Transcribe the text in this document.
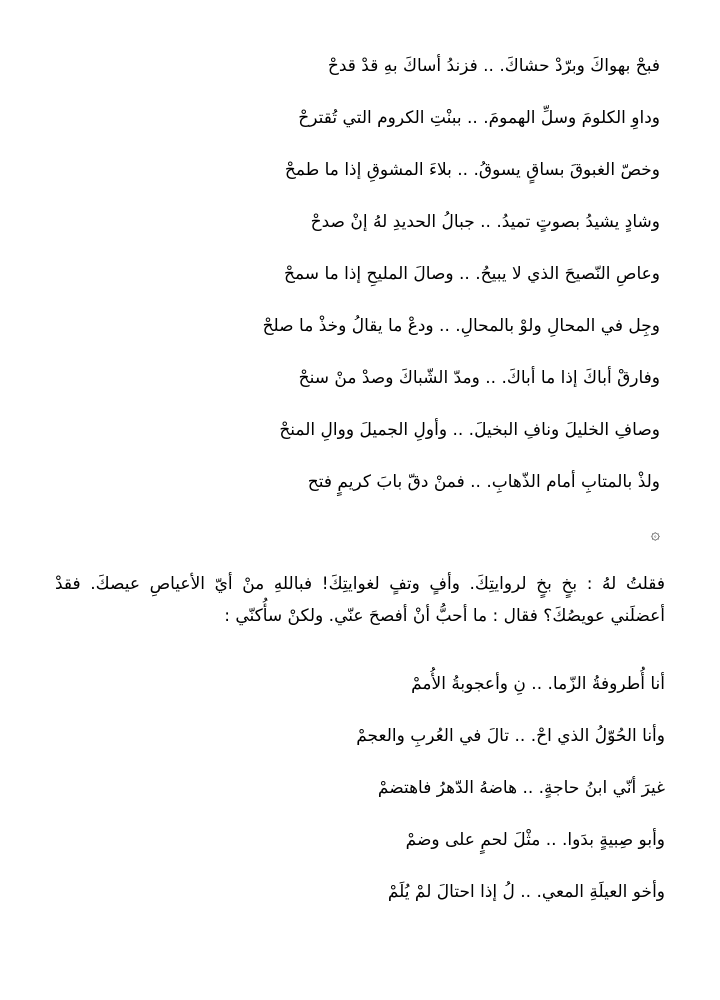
فبحْ بهواكَ وبرّدْ حشاكَ. .. فزندُ أساكَ بهِ قدْ قدحْ
وداوِ الكلومَ وسلِّ الهمومَ. .. ببنْتِ الكروم التي تُقترحْ
وخصّ الغبوقَ بساقٍ يسوقُ. .. بلاءَ المشوقِ إذا ما طمحْ
وشادٍ يشيدُ بصوتٍ تميدُ. .. جبالُ الحديدِ لهُ إنْ صدحْ
وعاصِ النّصيحَ الذي لا يبيحُ. .. وصالَ المليحِ إذا ما سمحْ
وجِل في المحالِ ولوْ بالمحالِ. .. ودعْ ما يقالُ وخذْ ما صلحْ
وفارقْ أباكَ إذا ما أباكَ. .. ومدّ الشّباكَ وصدْ منْ سنحْ
وصافِ الخليلَ ونافِ البخيلَ. .. وأولِ الجميلَ ووالِ المنحْ
ولذْ بالمتابِ أمام الذّهابِ. .. فمنْ دقّ بابَ كريمٍ فتح
۞
فقلتُ لهُ : بخٍ بخٍ لروايتِكَ. وأفٍ وتفٍ لغوايتِكَ! فباللهِ منْ أيّ الأعياصِ عيصكَ. فقدْ أعضلَني عويصُكَ؟ فقال : ما أحبُّ أنْ أفصحَ عنّي. ولكنْ سأُكنّي :
أنا أُطروفةُ الزّما. .. نِ وأعجوبةُ الأُممْ
وأنا الحُوّلُ الذي احْ. .. تالَ في العُربِ والعجمْ
غيرَ أنّي ابنُ حاجةٍ. .. هاضهُ الدّهرُ فاهتضمْ
وأبو صِبيةٍ بدَوا. .. مثْلَ لحمٍ على وضمْ
وأخو العيلَةِ المعي. .. لُ إذا احتالَ لمْ يُلَمْ
